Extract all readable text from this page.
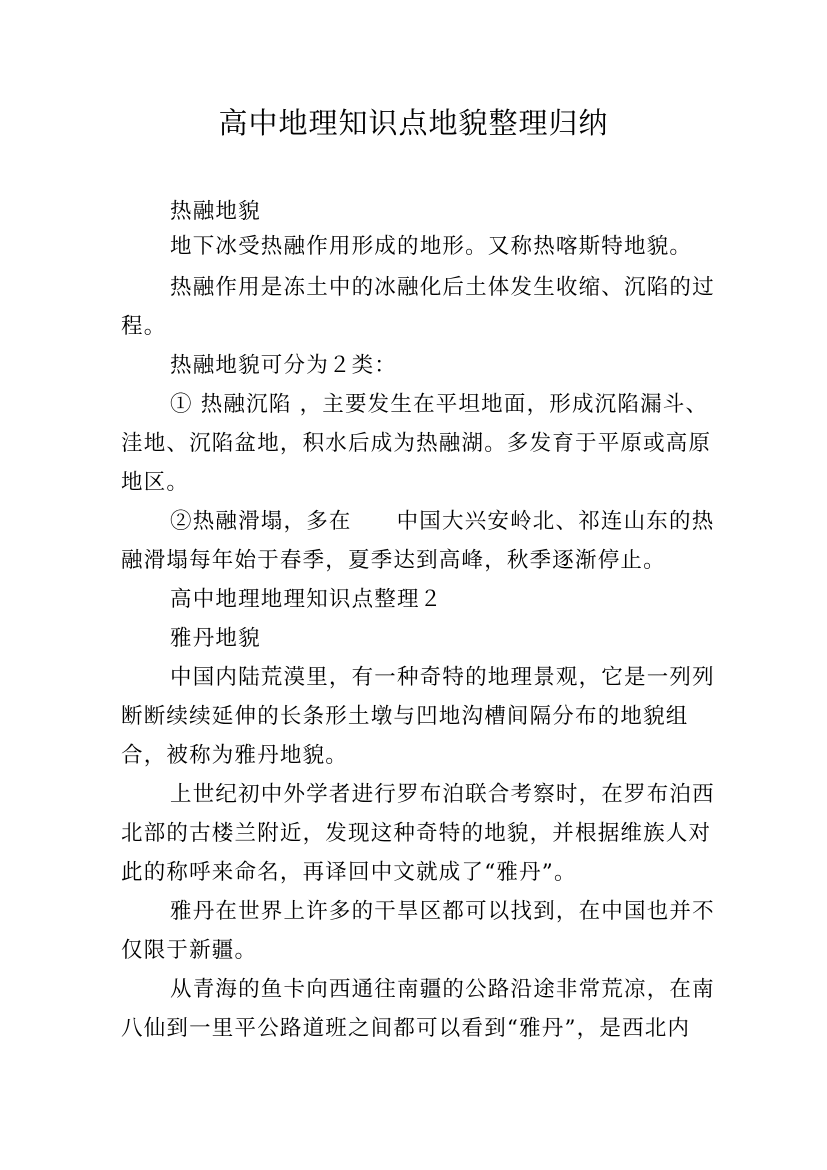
高中地理知识点地貌整理归纳
热融地貌
地下冰受热融作用形成的地形。又称热喀斯特地貌。
热融作用是冻土中的冰融化后土体发生收缩、沉陷的过
程。
热融地貌可分为２类：
① 热融沉陷 ，主要发生在平坦地面，形成沉陷漏斗、
洼地、沉陷盆地，积水后成为热融湖。多发育于平原或高原
地区。
②热融滑塌，多在 中国大兴安岭北、祁连山东的热
融滑塌每年始于春季，夏季达到高峰，秋季逐渐停止。
高中地理地理知识点整理２
雅丹地貌
中国内陆荒漠里，有一种奇特的地理景观，它是一列列
断断续续延伸的长条形土墩与凹地沟槽间隔分布的地貌组
合，被称为雅丹地貌。
上世纪初中外学者进行罗布泊联合考察时，在罗布泊西
北部的古楼兰附近，发现这种奇特的地貌，并根据维族人对
此的称呼来命名，再译回中文就成了“雅丹”。
雅丹在世界上许多的干旱区都可以找到，在中国也并不
仅限于新疆。
从青海的鱼卡向西通往南疆的公路沿途非常荒凉，在南
八仙到一里平公路道班之间都可以看到“雅丹”，是西北内
